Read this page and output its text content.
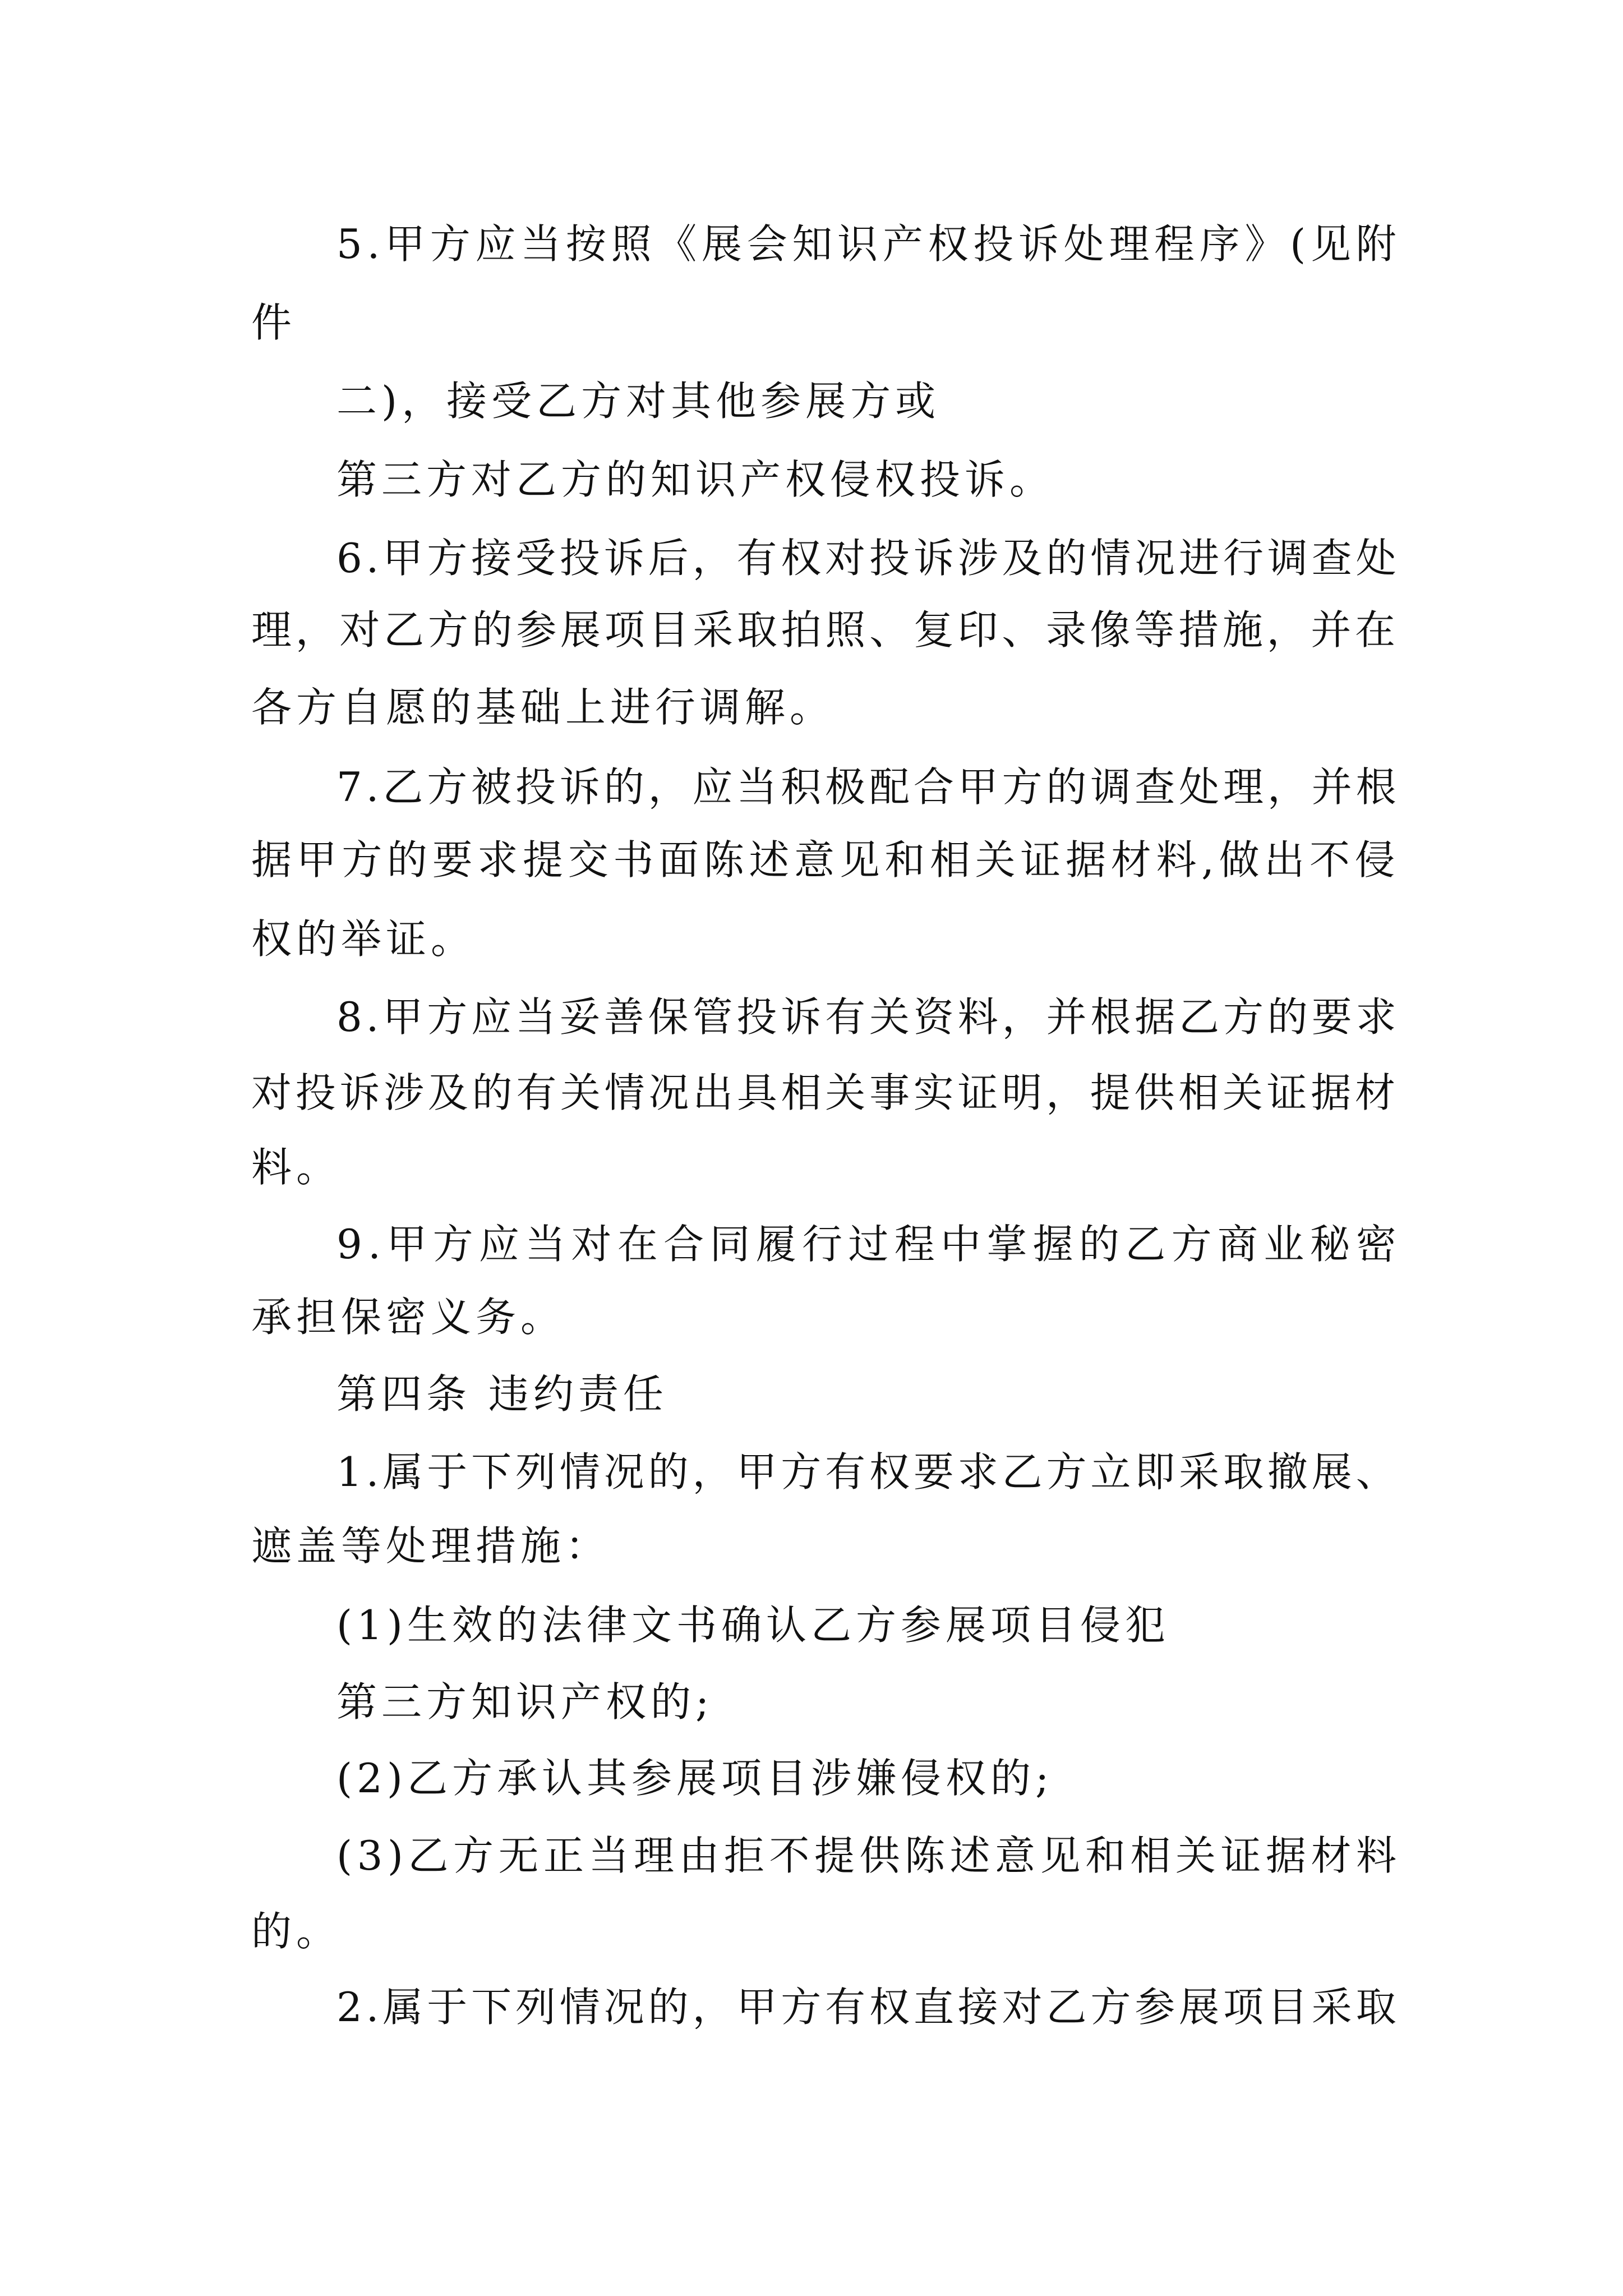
5 . 甲 方 应 当 按 照 《 展 会 知 识 产 权 投 诉 处 理 程 序 》 ( 见 附
件
二)，接受乙方对其他参展方或
第三方对乙方的知识产权侵权投诉。
6 . 甲 方 接 受 投 诉 后 ， 有 权 对 投 诉 涉 及 的 情 况 进 行 调 查 处
理 ， 对 乙 方 的 参 展 项 目 采 取 拍 照 、 复 印 、 录 像 等 措 施 ， 并 在
各方自愿的基础上进行调解。
7 . 乙 方 被 投 诉 的 ， 应 当 积 极 配 合 甲 方 的 调 查 处 理 ， 并 根
据 甲 方 的 要 求 提 交 书 面 陈 述 意 见 和 相 关 证 据 材 料 , 做 出 不 侵
权的举证。
8 . 甲 方 应 当 妥 善 保 管 投 诉 有 关 资 料 ， 并 根 据 乙 方 的 要 求
对 投 诉 涉 及 的 有 关 情 况 出 具 相 关 事 实 证 明 ， 提 供 相 关 证 据 材
料。
9 . 甲 方 应 当 对 在 合 同 履 行 过 程 中 掌 握 的 乙 方 商 业 秘 密
承担保密义务。
第四条 违约责任
1 . 属 于 下 列 情 况 的 ， 甲 方 有 权 要 求 乙 方 立 即 采 取 撤 展 、
遮盖等处理措施：
(1)生效的法律文书确认乙方参展项目侵犯
第三方知识产权的;
(2)乙方承认其参展项目涉嫌侵权的;
( 3 ) 乙 方 无 正 当 理 由 拒 不 提 供 陈 述 意 见 和 相 关 证 据 材 料
的。
2 . 属 于 下 列 情 况 的 ， 甲 方 有 权 直 接 对 乙 方 参 展 项 目 采 取
